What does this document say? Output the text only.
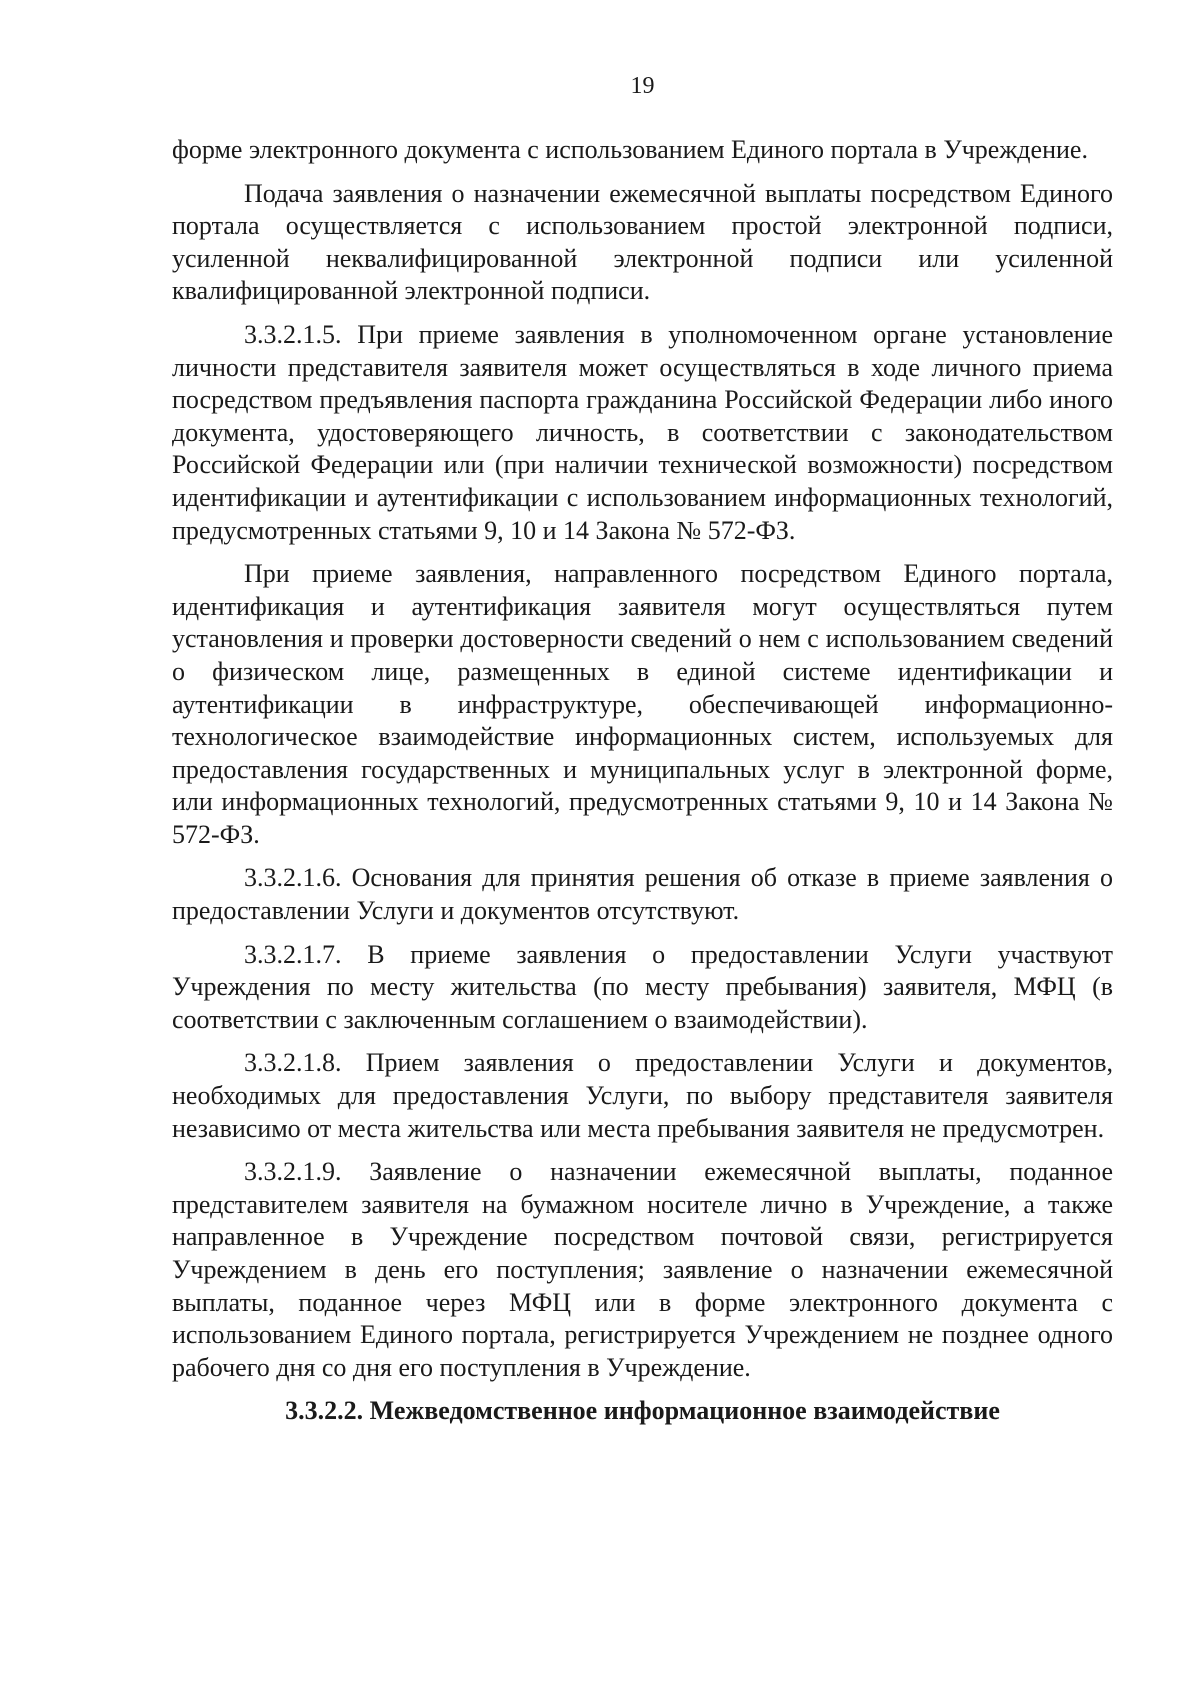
19

форме электронного документа с использованием Единого портала в Учреждение.

Подача заявления о назначении ежемесячной выплаты посредством Единого портала осуществляется с использованием простой электронной подписи, усиленной неквалифицированной электронной подписи или усиленной квалифицированной электронной подписи.

3.3.2.1.5. При приеме заявления в уполномоченном органе установление личности представителя заявителя может осуществляться в ходе личного приема посредством предъявления паспорта гражданина Российской Федерации либо иного документа, удостоверяющего личность, в соответствии с законодательством Российской Федерации или (при наличии технической возможности) посредством идентификации и аутентификации с использованием информационных технологий, предусмотренных статьями 9, 10 и 14 Закона № 572-ФЗ.

При приеме заявления, направленного посредством Единого портала, идентификация и аутентификация заявителя могут осуществляться путем установления и проверки достоверности сведений о нем с использованием сведений о физическом лице, размещенных в единой системе идентификации и аутентификации в инфраструктуре, обеспечивающей информационно-технологическое взаимодействие информационных систем, используемых для предоставления государственных и муниципальных услуг в электронной форме, или информационных технологий, предусмотренных статьями 9, 10 и 14 Закона № 572-ФЗ.

3.3.2.1.6. Основания для принятия решения об отказе в приеме заявления о предоставлении Услуги и документов отсутствуют.

3.3.2.1.7. В приеме заявления о предоставлении Услуги участвуют Учреждения по месту жительства (по месту пребывания) заявителя, МФЦ (в соответствии с заключенным соглашением о взаимодействии).

3.3.2.1.8. Прием заявления о предоставлении Услуги и документов, необходимых для предоставления Услуги, по выбору представителя заявителя независимо от места жительства или места пребывания заявителя не предусмотрен.

3.3.2.1.9. Заявление о назначении ежемесячной выплаты, поданное представителем заявителя на бумажном носителе лично в Учреждение, а также направленное в Учреждение посредством почтовой связи, регистрируется Учреждением в день его поступления; заявление о назначении ежемесячной выплаты, поданное через МФЦ или в форме электронного документа с использованием Единого портала, регистрируется Учреждением не позднее одного рабочего дня со дня его поступления в Учреждение.

3.3.2.2. Межведомственное информационное взаимодействие
